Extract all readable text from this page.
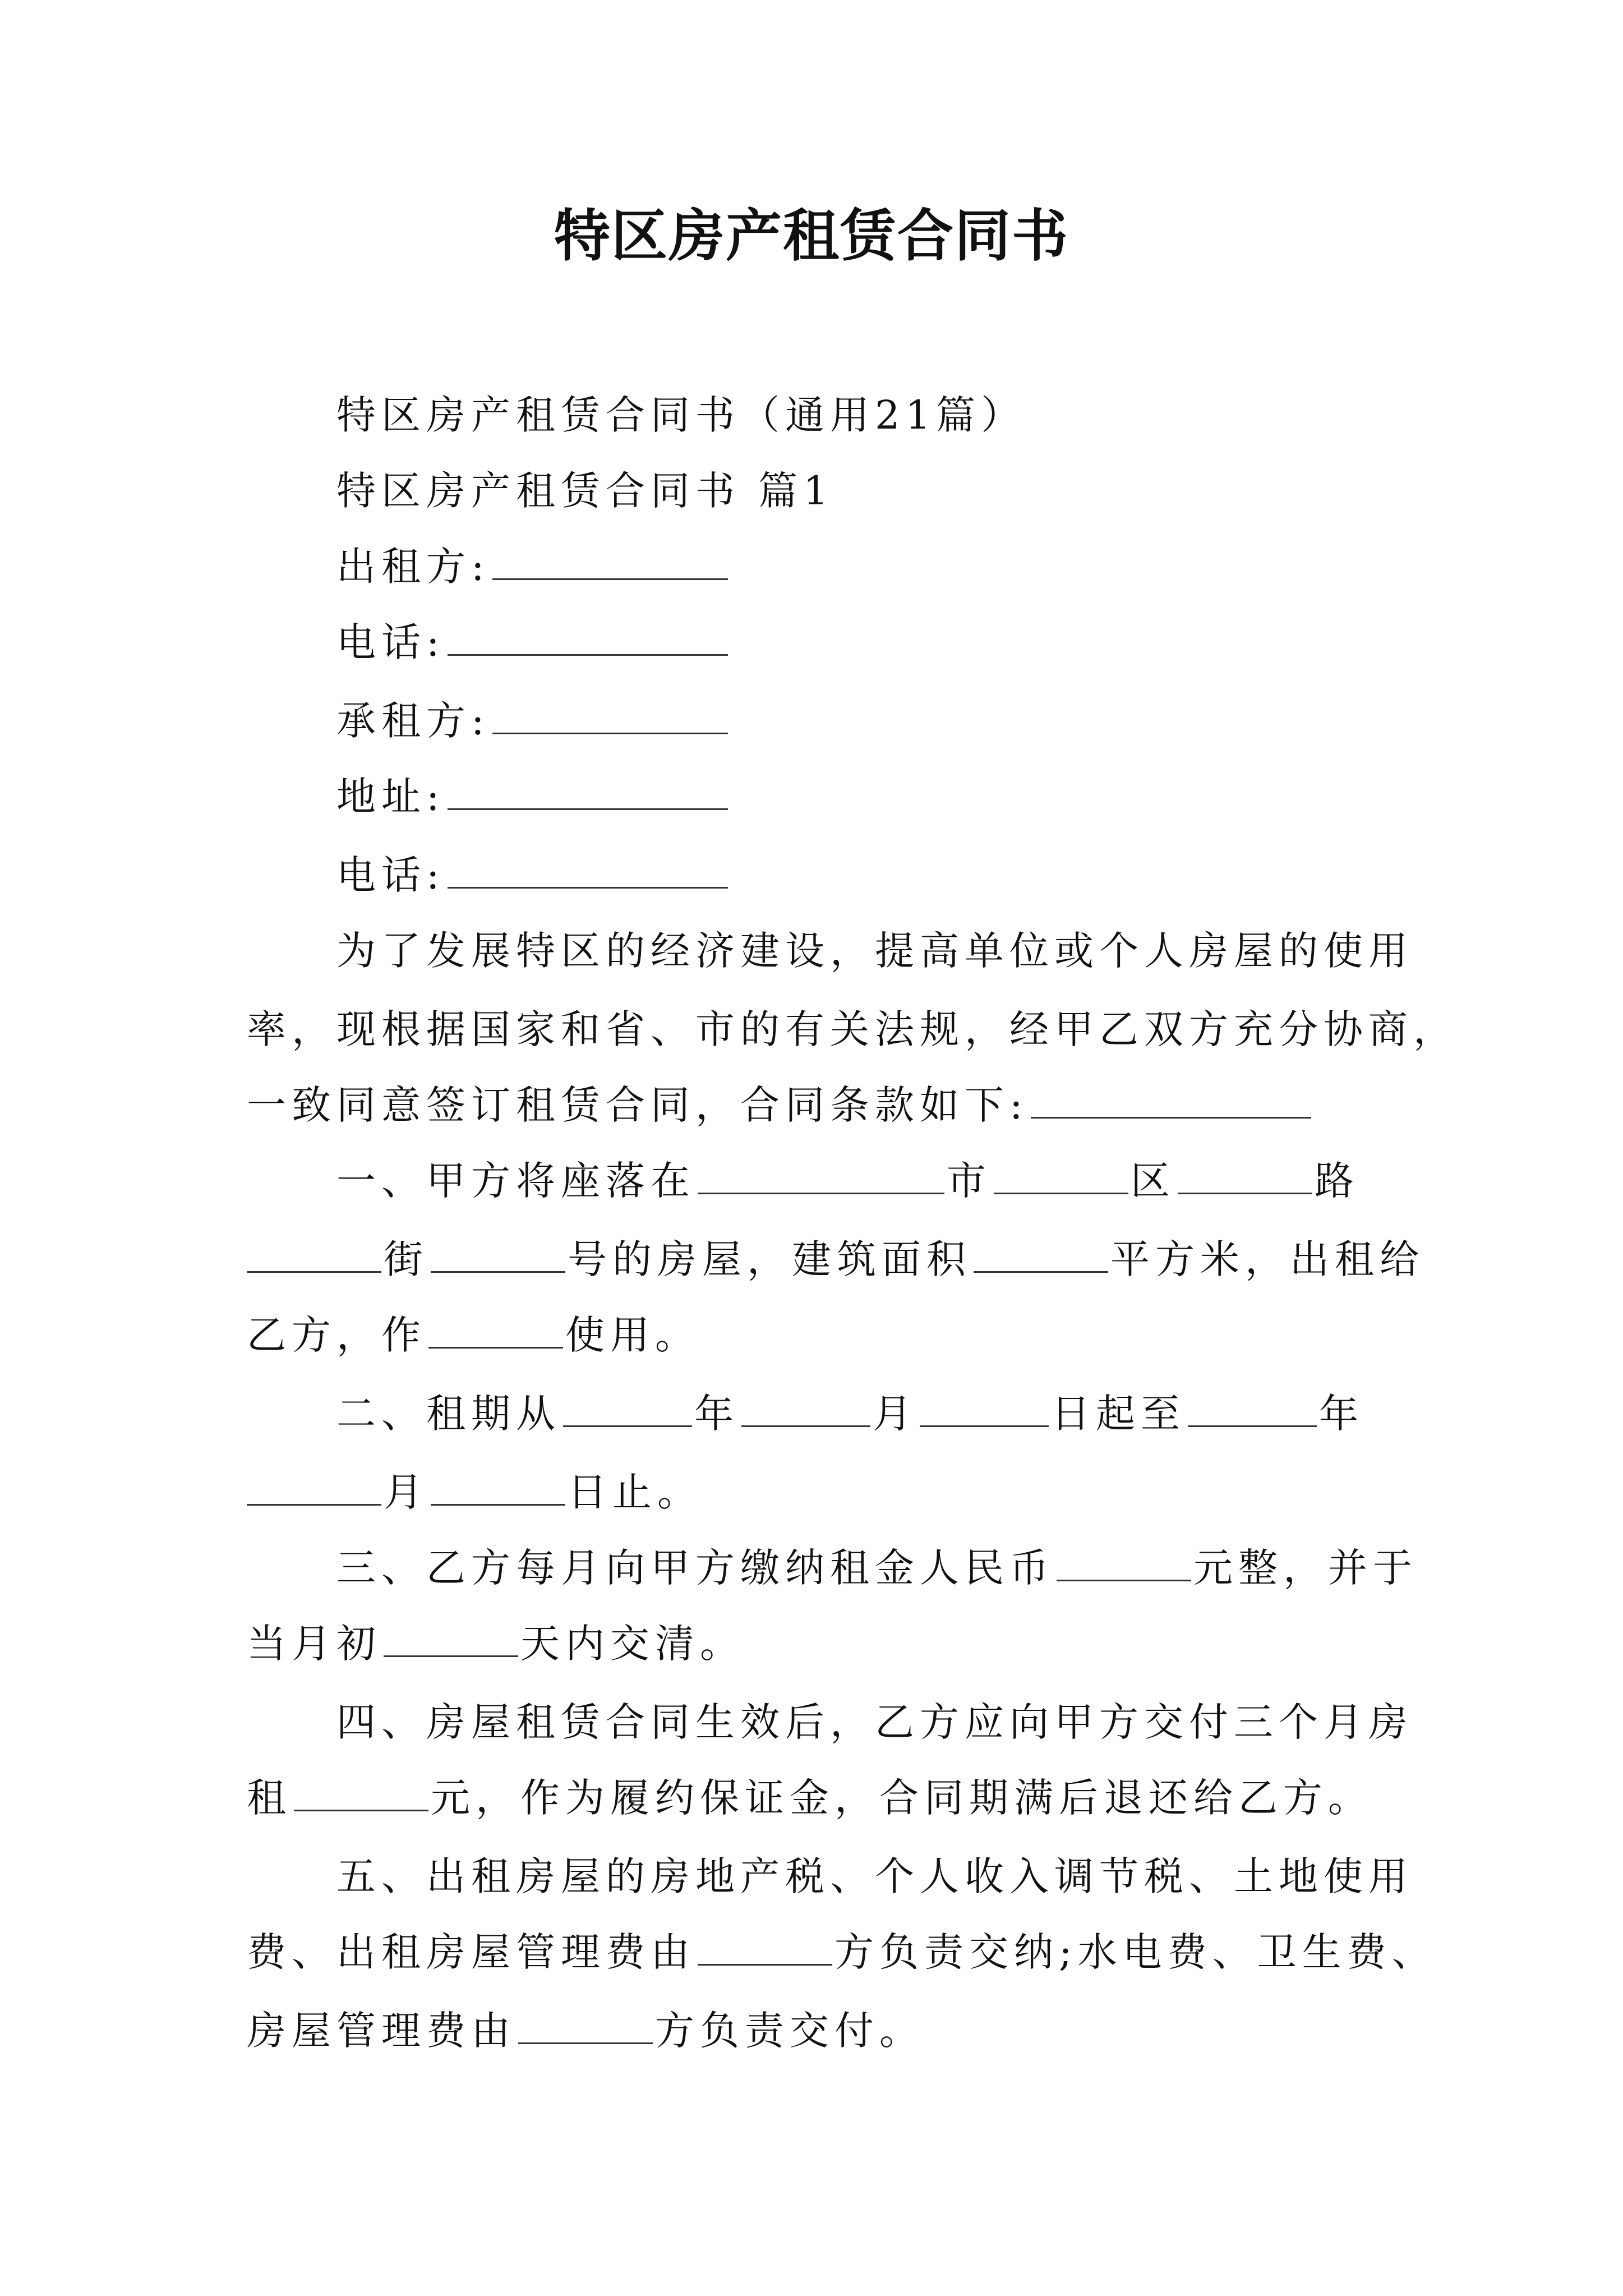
特区房产租赁合同书
特区房产租赁合同书（通用21篇）
特区房产租赁合同书 篇1
出租方:
电话:
承租方:
地址:
电话:
为了发展特区的经济建设，提高单位或个人房屋的使用
率，现根据国家和省、市的有关法规，经甲乙双方充分协商，
一致同意签订租赁合同，合同条款如下:
一、甲方将座落在	市	区	路
街	号的房屋，建筑面积	平方米，出租给
乙方，作	使用。
二、租期从	年	月	日起至	年
月	日止。
三、乙方每月向甲方缴纳租金人民币	元整，并于
当月初	天内交清。
四、房屋租赁合同生效后，乙方应向甲方交付三个月房
租	元，作为履约保证金，合同期满后退还给乙方。
五、出租房屋的房地产税、个人收入调节税、土地使用
费、出租房屋管理费由	方负责交纳;水电费、卫生费、
房屋管理费由	方负责交付。
